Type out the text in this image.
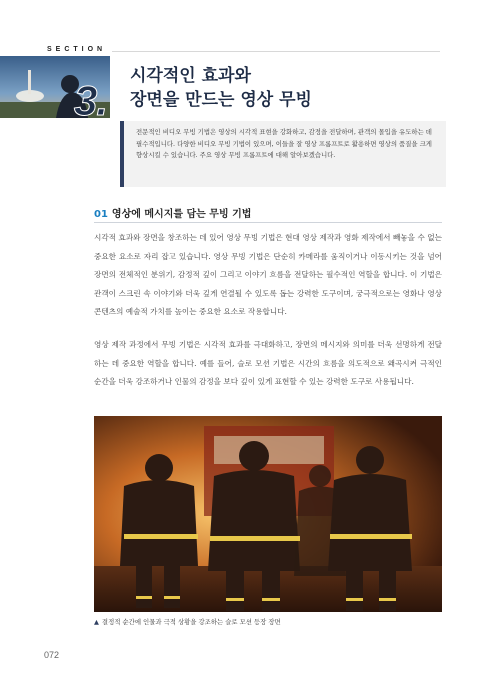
SECTION
3.
시각적인 효과와
장면을 만드는 영상 무빙

전문적인 비디오 무빙 기법은 영상의 시각적 표현을 강화하고, 감정을 전달하며, 관객의 몰입을 유도하는 데 필수적입니다. 다양한 비디오 무빙 기법이 있으며, 이들을 잘 영상 프롬프트로 활용하면 영상의 품질을 크게 향상시킬 수 있습니다. 주요 영상 무빙 프롬프트에 대해 알아보겠습니다.

01 영상에 메시지를 담는 무빙 기법

시각적 효과와 장면을 창조하는 데 있어 영상 무빙 기법은 현대 영상 제작과 영화 제작에서 빼놓을 수 없는 중요한 요소로 자리 잡고 있습니다. 영상 무빙 기법은 단순히 카메라를 움직이거나 이동시키는 것을 넘어 장면의 전체적인 분위기, 감정적 깊이 그리고 이야기 흐름을 전달하는 필수적인 역할을 합니다. 이 기법은 관객이 스크린 속 이야기와 더욱 깊게 연결될 수 있도록 돕는 강력한 도구이며, 궁극적으로는 영화나 영상 콘텐츠의 예술적 가치를 높이는 중요한 요소로 작용합니다.

영상 제작 과정에서 무빙 기법은 시각적 효과를 극대화하고, 장면의 메시지와 의미를 더욱 선명하게 전달하는 데 중요한 역할을 합니다. 예를 들어, 슬로 모션 기법은 시간의 흐름을 의도적으로 왜곡시켜 극적인 순간을 더욱 강조하거나 인물의 감정을 보다 깊이 있게 표현할 수 있는 강력한 도구로 사용됩니다.

▲ 결정적 순간에 인물과 극적 상황을 강조하는 슬로 모션 등장 장면

072
